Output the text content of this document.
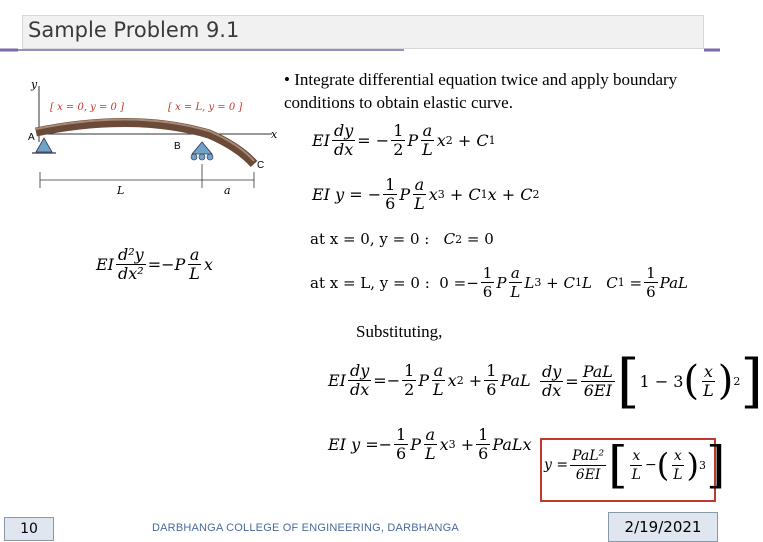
Sample Problem 9.1
y
x
[ x = 0, y = 0 ]	[ x = L, y = 0 ]
A
B
C
L	a
• Integrate differential equation twice and apply boundary conditions to obtain elastic curve.
EI $\frac{dy}{dx}$ =
− $\frac{1}{2}$ P $\frac{a}{L}$ x 2
+
C 1
EI
y
=
− $\frac{1}{6}$ P $\frac{a}{L}$ x 3
+
C 1 x
+
C 2
at x = 0, y = 0 :
C 2
=
0
at x = L, y = 0 :
0
= − $\frac{1}{6}$ P $\frac{a}{L}$ L 3
+
C 1 L
C 1
= $\frac{1}{6}$ PaL
EI $\frac{\text{d²y}}{\text{dx²}}$ = − P $\frac{a}{L}$ x
Substituting,
EI $\frac{dy}{dx}$ = − $\frac{1}{2}$ P $\frac{a}{L}$ x 2
+ $\frac{1}{6}$ PaL $\frac{dy}{dx} = \frac{\text{PaL}}{6EI}$ [ 1 − 3 ( $\frac{x}{L}$ ) 2 ]
EI
y
= − $\frac{1}{6}$ P $\frac{a}{L}$ x 3
+ $\frac{1}{6}$ PaLx
y
= $\frac{\text{PaL²}}{6EI}$ [ $\frac{x}{L}$ − ( $\frac{x}{L}$ ) 3 ]
10	DARBHANGA COLLEGE OF ENGINEERING, DARBHANGA	2/19/2021
